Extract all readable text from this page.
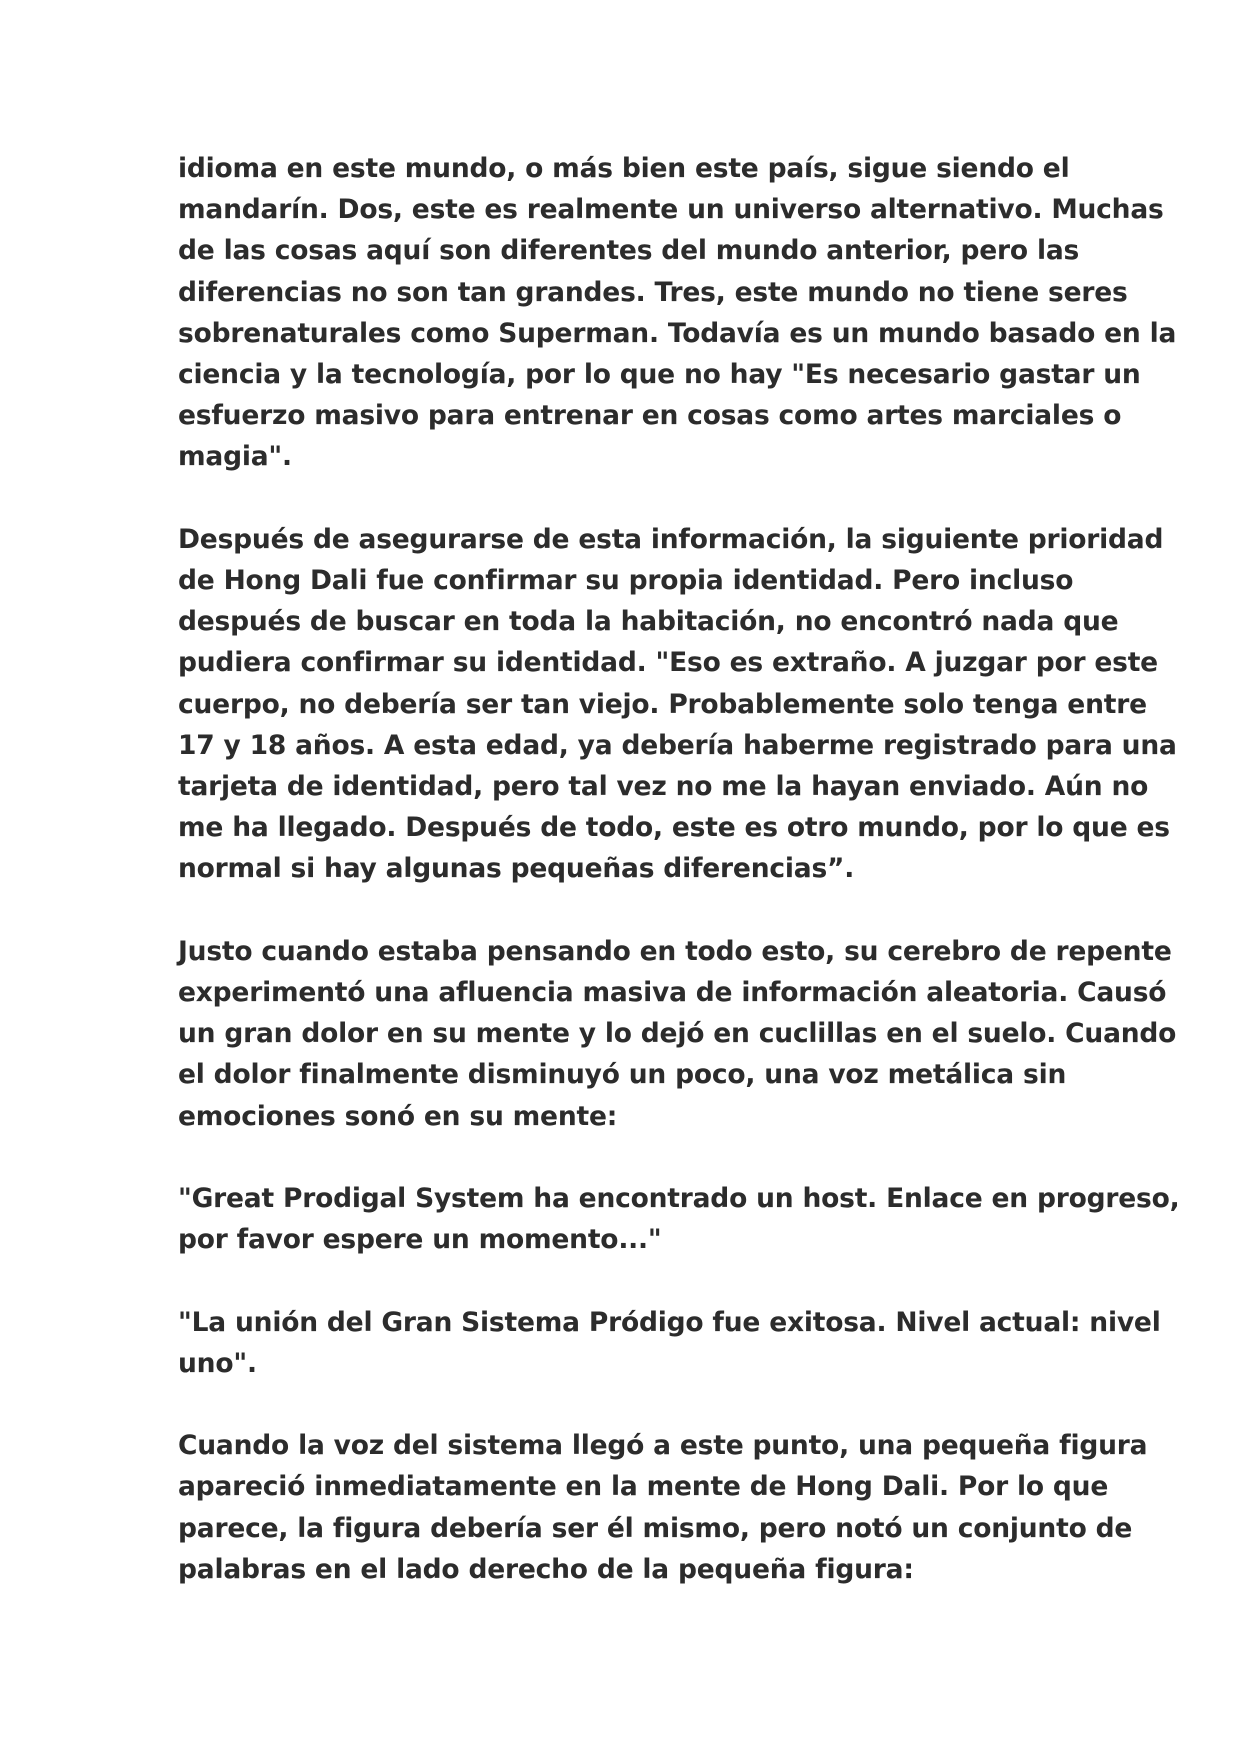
idioma en este mundo, o más bien este país, sigue siendo el
mandarín. Dos, este es realmente un universo alternativo. Muchas
de las cosas aquí son diferentes del mundo anterior, pero las
diferencias no son tan grandes. Tres, este mundo no tiene seres
sobrenaturales como Superman. Todavía es un mundo basado en la
ciencia y la tecnología, por lo que no hay "Es necesario gastar un
esfuerzo masivo para entrenar en cosas como artes marciales o
magia".
Después de asegurarse de esta información, la siguiente prioridad
de Hong Dali fue confirmar su propia identidad. Pero incluso
después de buscar en toda la habitación, no encontró nada que
pudiera confirmar su identidad. "Eso es extraño. A juzgar por este
cuerpo, no debería ser tan viejo. Probablemente solo tenga entre
17 y 18 años. A esta edad, ya debería haberme registrado para una
tarjeta de identidad, pero tal vez no me la hayan enviado. Aún no
me ha llegado. Después de todo, este es otro mundo, por lo que es
normal si hay algunas pequeñas diferencias”.
Justo cuando estaba pensando en todo esto, su cerebro de repente
experimentó una afluencia masiva de información aleatoria. Causó
un gran dolor en su mente y lo dejó en cuclillas en el suelo. Cuando
el dolor finalmente disminuyó un poco, una voz metálica sin
emociones sonó en su mente:
"Great Prodigal System ha encontrado un host. Enlace en progreso,
por favor espere un momento..."
"La unión del Gran Sistema Pródigo fue exitosa. Nivel actual: nivel
uno".
Cuando la voz del sistema llegó a este punto, una pequeña figura
apareció inmediatamente en la mente de Hong Dali. Por lo que
parece, la figura debería ser él mismo, pero notó un conjunto de
palabras en el lado derecho de la pequeña figura:
